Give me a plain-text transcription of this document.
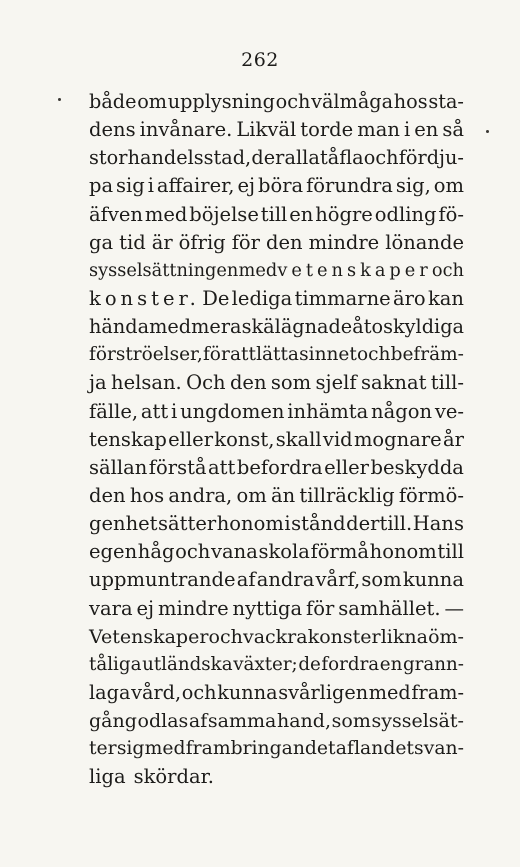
262
både om upplysning och välmåga hos sta-
dens invånare. Likväl torde man i en så
stor handelsstad, der alla tåfla och fördju-
pa sig i affairer, ej böra förundra sig, om
äfven med böjelse till en högre odling fö-
ga tid är öfrig för den mindre lönande
sysselsättningen med vetenskaper och
konster. De lediga timmarne äro kan
hända med mera skäl ägnade åt oskyldiga
förströelser, för att lätta sinnet och befräm-
ja helsan. Och den som sjelf saknat till-
fälle, att i ungdomen inhämta någon ve-
tenskap eller konst, skall vid mognare år
sällan förstå att befordra eller beskydda
den hos andra, om än tillräcklig förmö-
genhet sätter honom i stånd dertill. Hans
egen håg och vana skola förmå honom till
uppmuntrande af andra vårf, som kunna
vara ej mindre nyttiga för samhället. —
Vetenskaper och vackra konster likna öm-
tåliga utländska växter; de fordra en grann-
laga vård, och kunna svårligen med fram-
gång odlas af samma hand, som sysselsät-
ter sig med frambringandet af landets van-
liga skördar.
